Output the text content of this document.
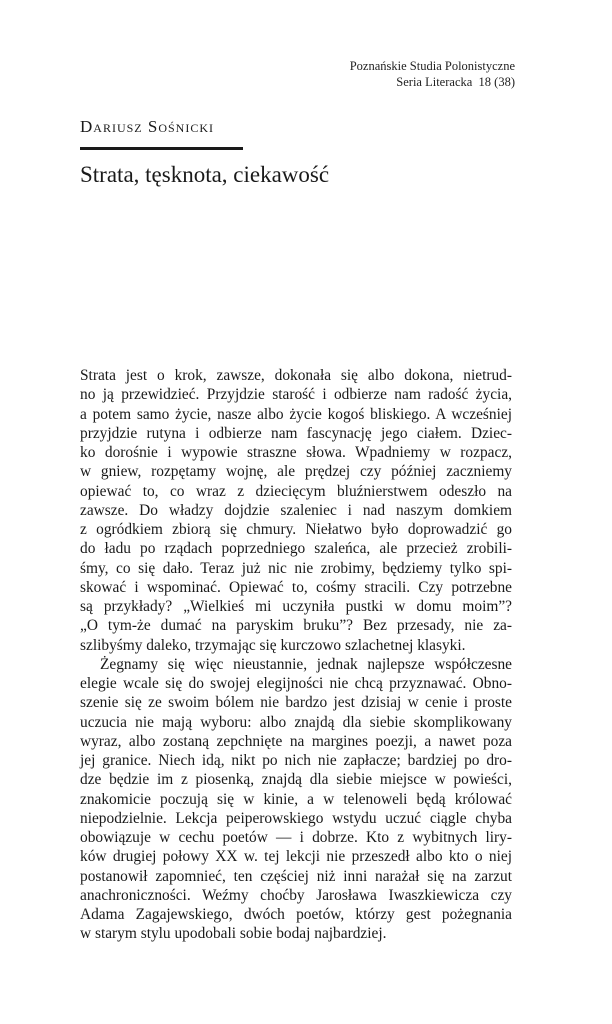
Poznańskie Studia Polonistyczne
Seria Literacka  18 (38)
Dariusz Sośnicki
Strata, tęsknota, ciekawość
Strata jest o krok, zawsze, dokonała się albo dokona, nietrud-
no ją przewidzieć. Przyjdzie starość i odbierze nam radość życia,
a potem samo życie, nasze albo życie kogoś bliskiego. A wcześniej
przyjdzie rutyna i odbierze nam fascynację jego ciałem. Dziec-
ko dorośnie i wypowie straszne słowa. Wpadniemy w rozpacz,
w gniew, rozpętamy wojnę, ale prędzej czy później zaczniemy
opiewać to, co wraz z dziecięcym bluźnierstwem odeszło na
zawsze. Do władzy dojdzie szaleniec i nad naszym domkiem
z ogródkiem zbiorą się chmury. Niełatwo było doprowadzić go
do ładu po rządach poprzedniego szaleńca, ale przecież zrobili-
śmy, co się dało. Teraz już nic nie zrobimy, będziemy tylko spi-
skować i wspominać. Opiewać to, cośmy stracili. Czy potrzebne
są przykłady? „Wielkieś mi uczyniła pustki w domu moim”?
„O tym-że dumać na paryskim bruku”? Bez przesady, nie za-
szlibyśmy daleko, trzymając się kurczowo szlachetnej klasyki.
Żegnamy się więc nieustannie, jednak najlepsze współczesne
elegie wcale się do swojej elegijności nie chcą przyznawać. Obno-
szenie się ze swoim bólem nie bardzo jest dzisiaj w cenie i proste
uczucia nie mają wyboru: albo znajdą dla siebie skomplikowany
wyraz, albo zostaną zepchnięte na margines poezji, a nawet poza
jej granice. Niech idą, nikt po nich nie zapłacze; bardziej po dro-
dze będzie im z piosenką, znajdą dla siebie miejsce w powieści,
znakomicie poczują się w kinie, a w telenoweli będą królować
niepodzielnie. Lekcja peiperowskiego wstydu uczuć ciągle chyba
obowiązuje w cechu poetów — i dobrze. Kto z wybitnych liry-
ków drugiej połowy XX w. tej lekcji nie przeszedł albo kto o niej
postanowił zapomnieć, ten częściej niż inni narażał się na zarzut
anachroniczności. Weźmy choćby Jarosława Iwaszkiewicza czy
Adama Zagajewskiego, dwóch poetów, którzy gest pożegnania
w starym stylu upodobali sobie bodaj najbardziej.
